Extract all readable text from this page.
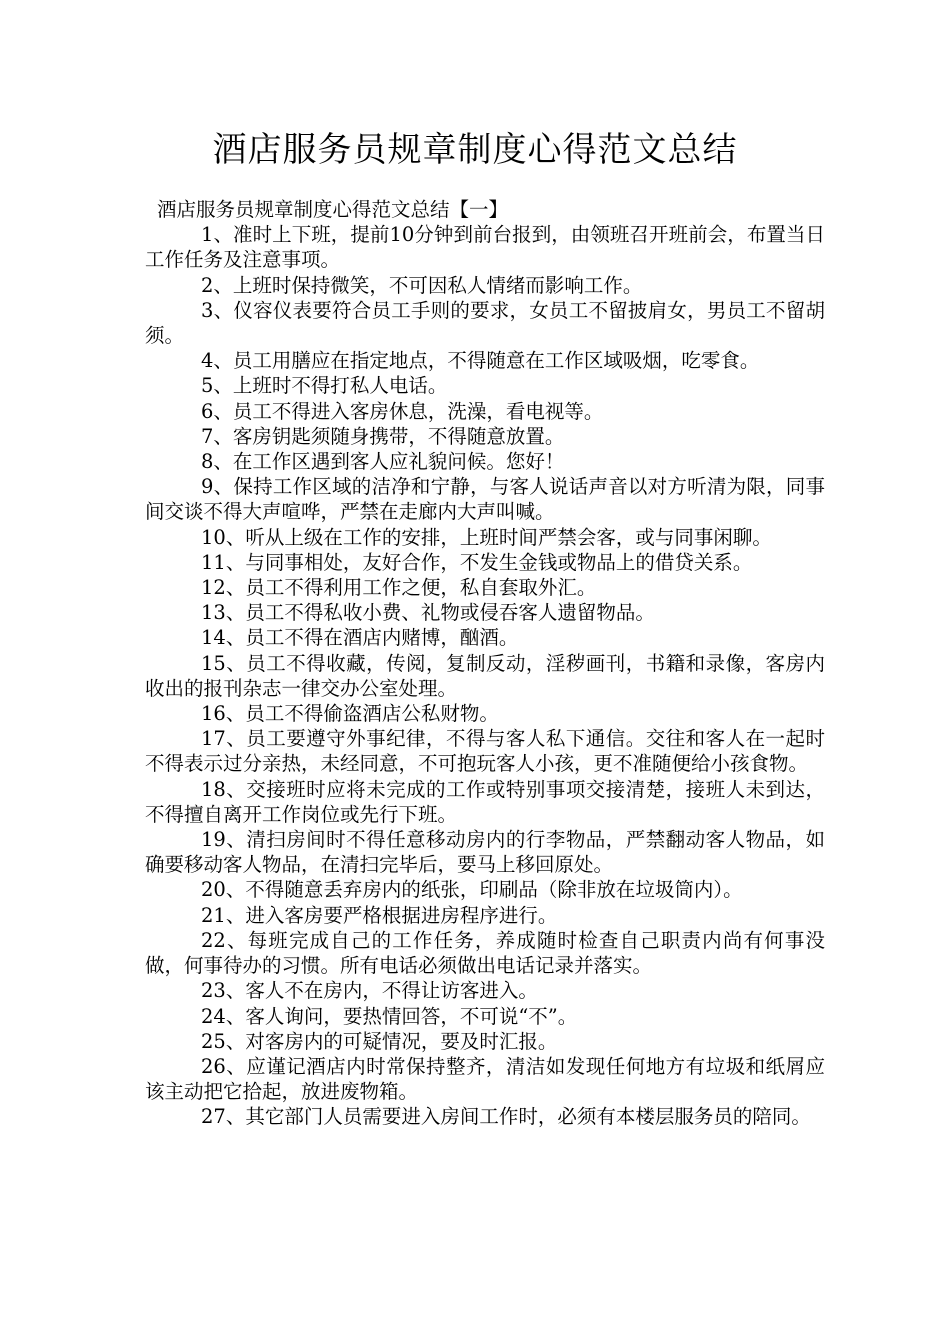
酒店服务员规章制度心得范文总结

酒店服务员规章制度心得范文总结【一】

1、准时上下班，提前10分钟到前台报到，由领班召开班前会，布置当日工作任务及注意事项。

2、上班时保持微笑，不可因私人情绪而影响工作。

3、仪容仪表要符合员工手则的要求，女员工不留披肩女，男员工不留胡须。

4、员工用膳应在指定地点，不得随意在工作区域吸烟，吃零食。

5、上班时不得打私人电话。

6、员工不得进入客房休息，洗澡，看电视等。

7、客房钥匙须随身携带，不得随意放置。

8、在工作区遇到客人应礼貌问候。您好！

9、保持工作区域的洁净和宁静，与客人说话声音以对方听清为限，同事间交谈不得大声喧哗，严禁在走廊内大声叫喊。

10、听从上级在工作的安排，上班时间严禁会客，或与同事闲聊。

11、与同事相处，友好合作，不发生金钱或物品上的借贷关系。

12、员工不得利用工作之便，私自套取外汇。

13、员工不得私收小费、礼物或侵吞客人遗留物品。

14、员工不得在酒店内赌博，酗酒。

15、员工不得收藏，传阅，复制反动，淫秽画刊，书籍和录像，客房内收出的报刊杂志一律交办公室处理。

16、员工不得偷盗酒店公私财物。

17、员工要遵守外事纪律，不得与客人私下通信。交往和客人在一起时不得表示过分亲热，未经同意，不可抱玩客人小孩，更不准随便给小孩食物。

18、交接班时应将未完成的工作或特别事项交接清楚，接班人未到达，不得擅自离开工作岗位或先行下班。

19、清扫房间时不得任意移动房内的行李物品，严禁翻动客人物品，如确要移动客人物品，在清扫完毕后，要马上移回原处。

20、不得随意丢弃房内的纸张，印刷品（除非放在垃圾筒内）。

21、进入客房要严格根据进房程序进行。

22、每班完成自己的工作任务，养成随时检查自己职责内尚有何事没做，何事待办的习惯。所有电话必须做出电话记录并落实。

23、客人不在房内，不得让访客进入。

24、客人询问，要热情回答，不可说“不”。

25、对客房内的可疑情况，要及时汇报。

26、应谨记酒店内时常保持整齐，清洁如发现任何地方有垃圾和纸屑应该主动把它拾起，放进废物箱。

27、其它部门人员需要进入房间工作时，必须有本楼层服务员的陪同。
